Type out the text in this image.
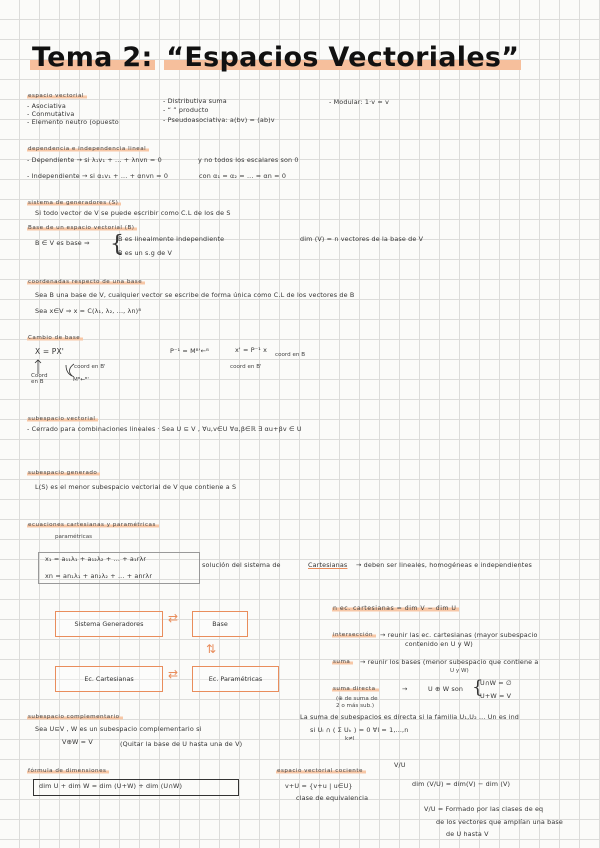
Tema 2: “Espacios Vectoriales”
espacio vectorial
- Asociativa
- Conmutativa
- Elemento neutro (opuesto
- Distributiva suma
- “ ” producto
- Pseudoasociativa: a(bv) = (ab)v
- Modular: 1·v = v
dependencia e independencia lineal
- Dependiente → si λ₁v₁ + ... + λnvn = 0	y no todos los escalares son 0
- Independiente → si α₁v₁ + ... + αnvn = 0	con α₁ = α₂ = ... = αn = 0
sistema de generadores (S)
Si todo vector de V se puede escribir como C.L de los de S
Base de un espacio vectorial (B)
B ∈ V es base ⇒ {
B es linealmente independiente
B es un s.g de V
dim (V) = n vectores de la base de V
coordenadas respecto de una base
Sea B una base de V, cualquier vector se escribe de forma única como C.L de los vectores de B
Sea x∈V ⇒ x = C(λ₁, λ₂, ..., λn)ᴮ
Cambio de base
X = PX'
coord en B'
Coord en B	Mᴮ←ᴮ'
P⁻¹ = Mᴮ'←ᴮ	x' = P⁻¹ x
coord en B
coord en B'
subespacio vectorial
- Cerrado para combinaciones lineales · Sea U ⊆ V , ∀u,v∈U ∀α,β∈ℝ ∃ αu+βv ∈ U
subespacio generado
L(S) es el menor subespacio vectorial de V que contiene a S
ecuaciones cartesianas y paramétricas
paramétricas
x₁ = a₁₁λ₁ + a₁₂λ₂ + ... + a₁rλr
xn = an₁λ₁ + an₂λ₂ + ... + anrλr
solución del sistema de	Cartesianas → deben ser lineales, homogéneas e independientes
Sistema Generadores	Base
Ec. Cartesianas	Ec. Paramétricas
⇄
⇄
⇅
n ec. cartesianas = dim V − dim U
intersección	→ reunir las ec. cartesianas (mayor subespacio
contenido en U y W)
suma	→ reunir los bases (menor subespacio que contiene a
U y W)
suma directa	→	U ⊕ W son {
U∩W = ∅
U+W = V
(⊕ de suma de
2 o más sub.)
La suma de subespacios es directa si la familia U₁,U₂ ... Un es ind
si Uₗ ∩ ( Σ Uₖ ) = 0 ∀l = 1,...,n
k≠l
subespacio complementario
Sea U⊆V , W es un subespacio complementario si
V⊕W = V	(Quitar la base de U hasta una de V)
fórmula de dimensiones
dim U + dim W = dim (U+W) + dim (U∩W)
espacio vectorial cociente
v+U = {v+u | u∈U}
clase de equivalencia
V/U
dim (V/U) = dim(V) − dim (V)
V/U = Formado por las clases de eq
de los vectores que amplían una base
de U hasta V
